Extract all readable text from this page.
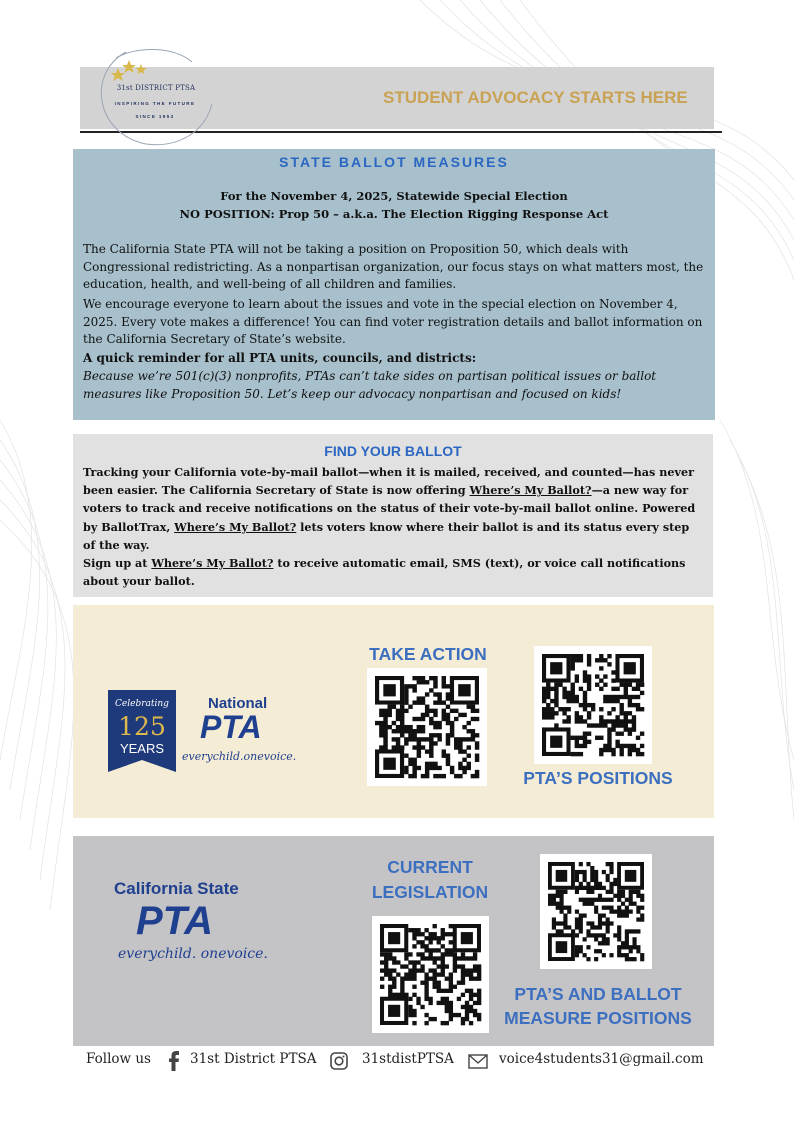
31st DISTRICT PTSA
INSPIRING THE FUTURE
SINCE 1953
STUDENT ADVOCACY STARTS HERE
STATE BALLOT MEASURES
For the November 4, 2025, Statewide Special Election
NO POSITION: Prop 50 – a.k.a. The Election Rigging Response Act
The California State PTA will not be taking a position on Proposition 50, which deals with Congressional redistricting. As a nonpartisan organization, our focus stays on what matters most, the education, health, and well-being of all children and families.
We encourage everyone to learn about the issues and vote in the special election on November 4, 2025. Every vote makes a difference! You can find voter registration details and ballot information on the California Secretary of State’s website.
A quick reminder for all PTA units, councils, and districts:
Because we’re 501(c)(3) nonprofits, PTAs can’t take sides on partisan political issues or ballot measures like Proposition 50. Let’s keep our advocacy nonpartisan and focused on kids!
FIND YOUR BALLOT
Tracking your California vote-by-mail ballot—when it is mailed, received, and counted—has never been easier. The California Secretary of State is now offering Where’s My Ballot?—a new way for voters to track and receive notifications on the status of their vote-by-mail ballot online. Powered by BallotTrax, Where’s My Ballot? lets voters know where their ballot is and its status every step of the way.
Sign up at Where’s My Ballot? to receive automatic email, SMS (text), or voice call notifications about your ballot.
Celebrating
125
YEARS
National
PTA
everychild.onevoice.
TAKE ACTION
PTA’S POSITIONS
California State
PTA
everychild. onevoice.
CURRENT
LEGISLATION
PTA’S AND BALLOT
MEASURE POSITIONS
Follow us	31st District PTSA	31stdistPTSA	voice4students31@gmail.com
